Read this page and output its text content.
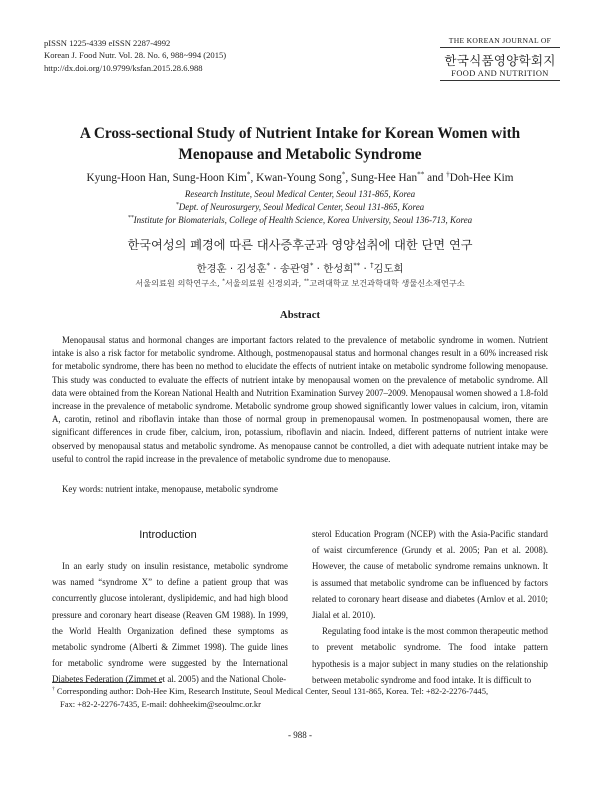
pISSN 1225-4339 eISSN 2287-4992
Korean J. Food Nutr. Vol. 28. No. 6, 988~994 (2015)
http://dx.doi.org/10.9799/ksfan.2015.28.6.988
THE KOREAN JOURNAL OF
한국식품영양학회지
FOOD AND NUTRITION
A Cross-sectional Study of Nutrient Intake for Korean Women with
Menopause and Metabolic Syndrome
Kyung-Hoon Han, Sung-Hoon Kim*, Kwan-Young Song*, Sung-Hee Han** and †Doh-Hee Kim
Research Institute, Seoul Medical Center, Seoul 131-865, Korea
*Dept. of Neurosurgery, Seoul Medical Center, Seoul 131-865, Korea
**Institute for Biomaterials, College of Health Science, Korea University, Seoul 136-713, Korea
한국여성의 폐경에 따른 대사증후군과 영양섭취에 대한 단면 연구
한경훈 · 김성훈* · 송관영* · 한성희** · †김도희
서울의료원 의학연구소, *서울의료원 신경외과, **고려대학교 보건과학대학 생물신소재연구소
Abstract
Menopausal status and hormonal changes are important factors related to the prevalence of metabolic syndrome in women. Nutrient intake is also a risk factor for metabolic syndrome. Although, postmenopausal status and hormonal changes result in a 60% increased risk for metabolic syndrome, there has been no method to elucidate the effects of nutrient intake on metabolic syndrome following menopause. This study was conducted to evaluate the effects of nutrient intake by menopausal women on the prevalence of metabolic syndrome. All data were obtained from the Korean National Health and Nutrition Examination Survey 2007–2009. Menopausal women showed a 1.8-fold increase in the prevalence of metabolic syndrome. Metabolic syndrome group showed significantly lower values in calcium, iron, vitamin A, carotin, retinol and riboflavin intake than those of normal group in premenopausal women. In postmenopausal women, there are significant differences in crude fiber, calcium, iron, potassium, riboflavin and niacin. Indeed, different patterns of nutrient intake were observed by menopausal status and metabolic syndrome. As menopause cannot be controlled, a diet with adequate nutrient intake may be useful to control the rapid increase in the prevalence of metabolic syndrome due to menopause.
Key words: nutrient intake, menopause, metabolic syndrome
Introduction

In an early study on insulin resistance, metabolic syndrome was named “syndrome X” to define a patient group that was concurrently glucose intolerant, dyslipidemic, and had high blood pressure and coronary heart disease (Reaven GM 1988). In 1999, the World Health Organization defined these symptoms as metabolic syndrome (Alberti & Zimmet 1998). The guide lines for metabolic syndrome were suggested by the International Diabetes Federation (Zimmet et al. 2005) and the National Chole-

sterol Education Program (NCEP) with the Asia-Pacific standard of waist circumference (Grundy et al. 2005; Pan et al. 2008). However, the cause of metabolic syndrome remains unknown. It is assumed that metabolic syndrome can be influenced by factors related to coronary heart disease and diabetes (Arnlov et al. 2010; Jialal et al. 2010).

Regulating food intake is the most common therapeutic method to prevent metabolic syndrome. The food intake pattern hypothesis is a major subject in many studies on the relationship between metabolic syndrome and food intake. It is difficult to

† Corresponding author: Doh-Hee Kim, Research Institute, Seoul Medical Center, Seoul 131-865, Korea. Tel: +82-2-2276-7445,
Fax: +82-2-2276-7435, E-mail: dohheekim@seoulmc.or.kr
- 988 -
